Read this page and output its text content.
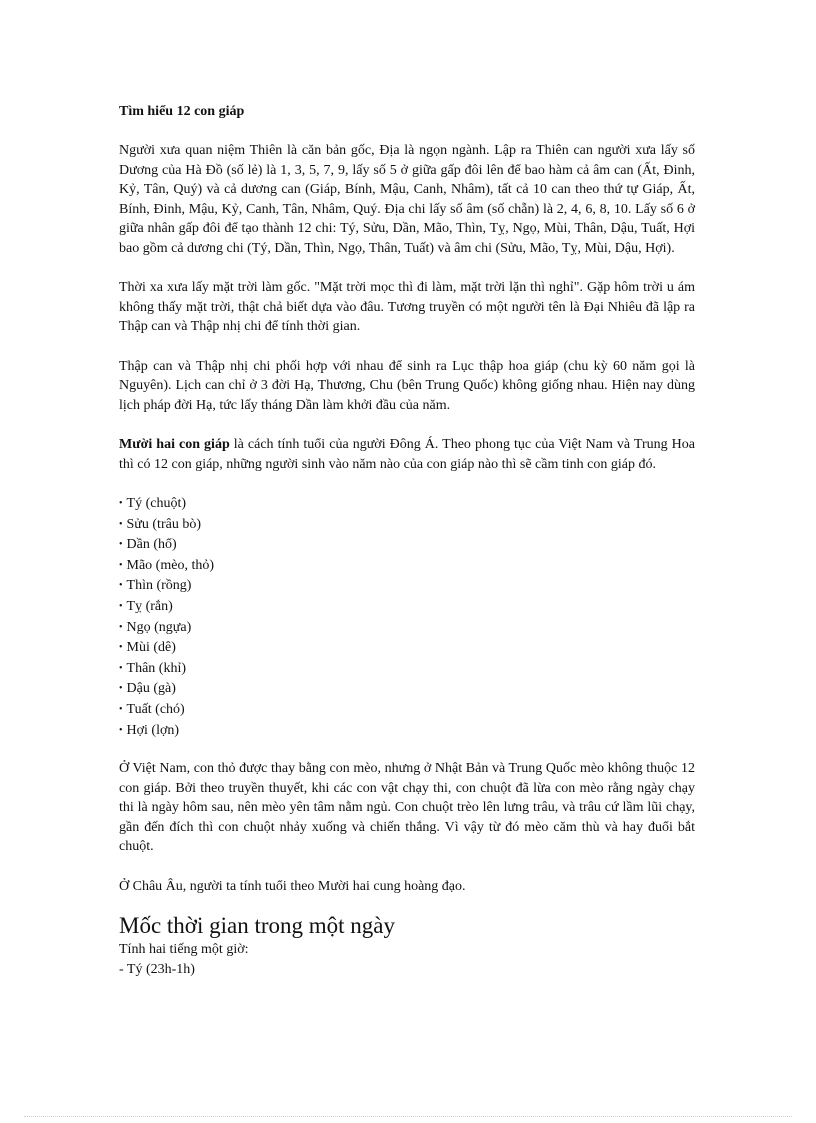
Tìm hiểu 12 con giáp

Người xưa quan niệm Thiên là căn bản gốc, Địa là ngọn ngành. Lập ra Thiên can người xưa lấy số Dương của Hà Đồ (số lẻ) là 1, 3, 5, 7, 9, lấy số 5 ở giữa gấp đôi lên để bao hàm cả âm can (Ất, Đinh, Kỷ, Tân, Quý) và cả dương can (Giáp, Bính, Mậu, Canh, Nhâm), tất cả 10 can theo thứ tự Giáp, Ất, Bính, Đinh, Mậu, Kỷ, Canh, Tân, Nhâm, Quý. Địa chi lấy số âm (số chẵn) là 2, 4, 6, 8, 10. Lấy số 6 ở giữa nhân gấp đôi để tạo thành 12 chi: Tý, Sửu, Dần, Mão, Thìn, Tỵ, Ngọ, Mùi, Thân, Dậu, Tuất, Hợi bao gồm cả dương chi (Tý, Dần, Thìn, Ngọ, Thân, Tuất) và âm chi (Sửu, Mão, Tỵ, Mùi, Dậu, Hợi).

Thời xa xưa lấy mặt trời làm gốc. "Mặt trời mọc thì đi làm, mặt trời lặn thì nghỉ". Gặp hôm trời u ám không thấy mặt trời, thật chả biết dựa vào đâu. Tương truyền có một người tên là Đại Nhiêu đã lập ra Thập can và Thập nhị chi để tính thời gian.

Thập can và Thập nhị chi phối hợp với nhau để sinh ra Lục thập hoa giáp (chu kỳ 60 năm gọi là Nguyên). Lịch can chỉ ở 3 đời Hạ, Thương, Chu (bên Trung Quốc) không giống nhau. Hiện nay dùng lịch pháp đời Hạ, tức lấy tháng Dần làm khởi đầu của năm.

Mười hai con giáp là cách tính tuổi của người Đông Á. Theo phong tục của Việt Nam và Trung Hoa thì có 12 con giáp, những người sinh vào năm nào của con giáp nào thì sẽ cầm tinh con giáp đó.

• Tý (chuột)
• Sửu (trâu bò)
• Dần (hổ)
• Mão (mèo, thỏ)
• Thìn (rồng)
• Tỵ (rắn)
• Ngọ (ngựa)
• Mùi (dê)
• Thân (khỉ)
• Dậu (gà)
• Tuất (chó)
• Hợi (lợn)

Ở Việt Nam, con thỏ được thay bằng con mèo, nhưng ở Nhật Bản và Trung Quốc mèo không thuộc 12 con giáp. Bởi theo truyền thuyết, khi các con vật chạy thi, con chuột đã lừa con mèo rằng ngày chạy thi là ngày hôm sau, nên mèo yên tâm nằm ngủ. Con chuột trèo lên lưng trâu, và trâu cứ lầm lũi chạy, gần đến đích thì con chuột nhảy xuống và chiến thắng. Vì vậy từ đó mèo căm thù và hay đuổi bắt chuột.

Ở Châu Âu, người ta tính tuổi theo Mười hai cung hoàng đạo.

Mốc thời gian trong một ngày
Tính hai tiếng một giờ:
- Tý (23h-1h)
